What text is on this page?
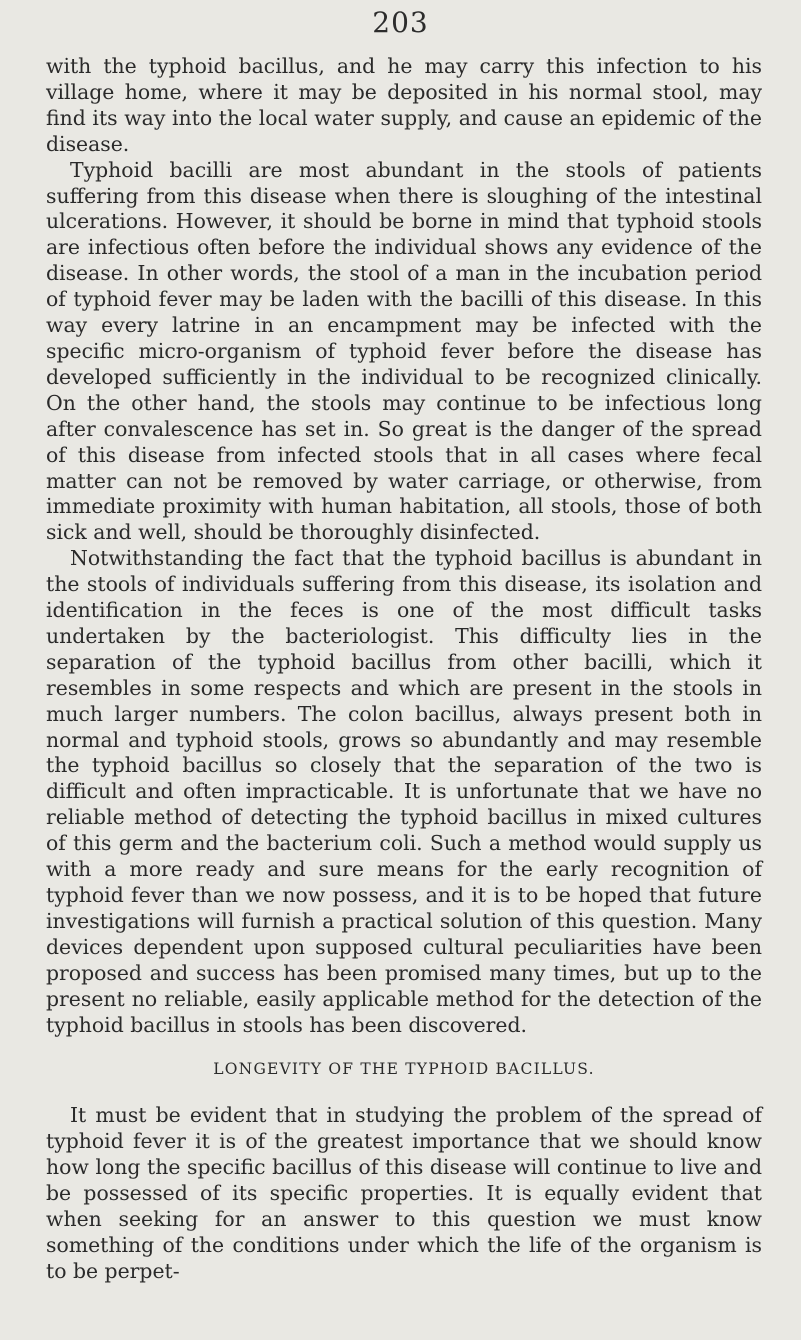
203

with the typhoid bacillus, and he may carry this infection to his village home, where it may be deposited in his normal stool, may find its way into the local water supply, and cause an epidemic of the disease.

Typhoid bacilli are most abundant in the stools of patients suffering from this disease when there is sloughing of the intestinal ulcerations. However, it should be borne in mind that typhoid stools are infectious often before the individual shows any evidence of the disease. In other words, the stool of a man in the incubation period of typhoid fever may be laden with the bacilli of this disease. In this way every latrine in an encampment may be infected with the specific micro-organism of typhoid fever before the disease has developed sufficiently in the individual to be recognized clinically. On the other hand, the stools may continue to be infectious long after convalescence has set in. So great is the danger of the spread of this disease from infected stools that in all cases where fecal matter can not be removed by water carriage, or otherwise, from immediate proximity with human habitation, all stools, those of both sick and well, should be thoroughly disinfected.

Notwithstanding the fact that the typhoid bacillus is abundant in the stools of individuals suffering from this disease, its isolation and identification in the feces is one of the most difficult tasks undertaken by the bacteriologist. This difficulty lies in the separation of the typhoid bacillus from other bacilli, which it resembles in some respects and which are present in the stools in much larger numbers. The colon bacillus, always present both in normal and typhoid stools, grows so abundantly and may resemble the typhoid bacillus so closely that the separation of the two is difficult and often impracticable. It is unfortunate that we have no reliable method of detecting the typhoid bacillus in mixed cultures of this germ and the bacterium coli. Such a method would supply us with a more ready and sure means for the early recognition of typhoid fever than we now possess, and it is to be hoped that future investigations will furnish a practical solution of this question. Many devices dependent upon supposed cultural peculiarities have been proposed and success has been promised many times, but up to the present no reliable, easily applicable method for the detection of the typhoid bacillus in stools has been discovered.

LONGEVITY OF THE TYPHOID BACILLUS.

It must be evident that in studying the problem of the spread of typhoid fever it is of the greatest importance that we should know how long the specific bacillus of this disease will continue to live and be possessed of its specific properties. It is equally evident that when seeking for an answer to this question we must know something of the conditions under which the life of the organism is to be perpet-
